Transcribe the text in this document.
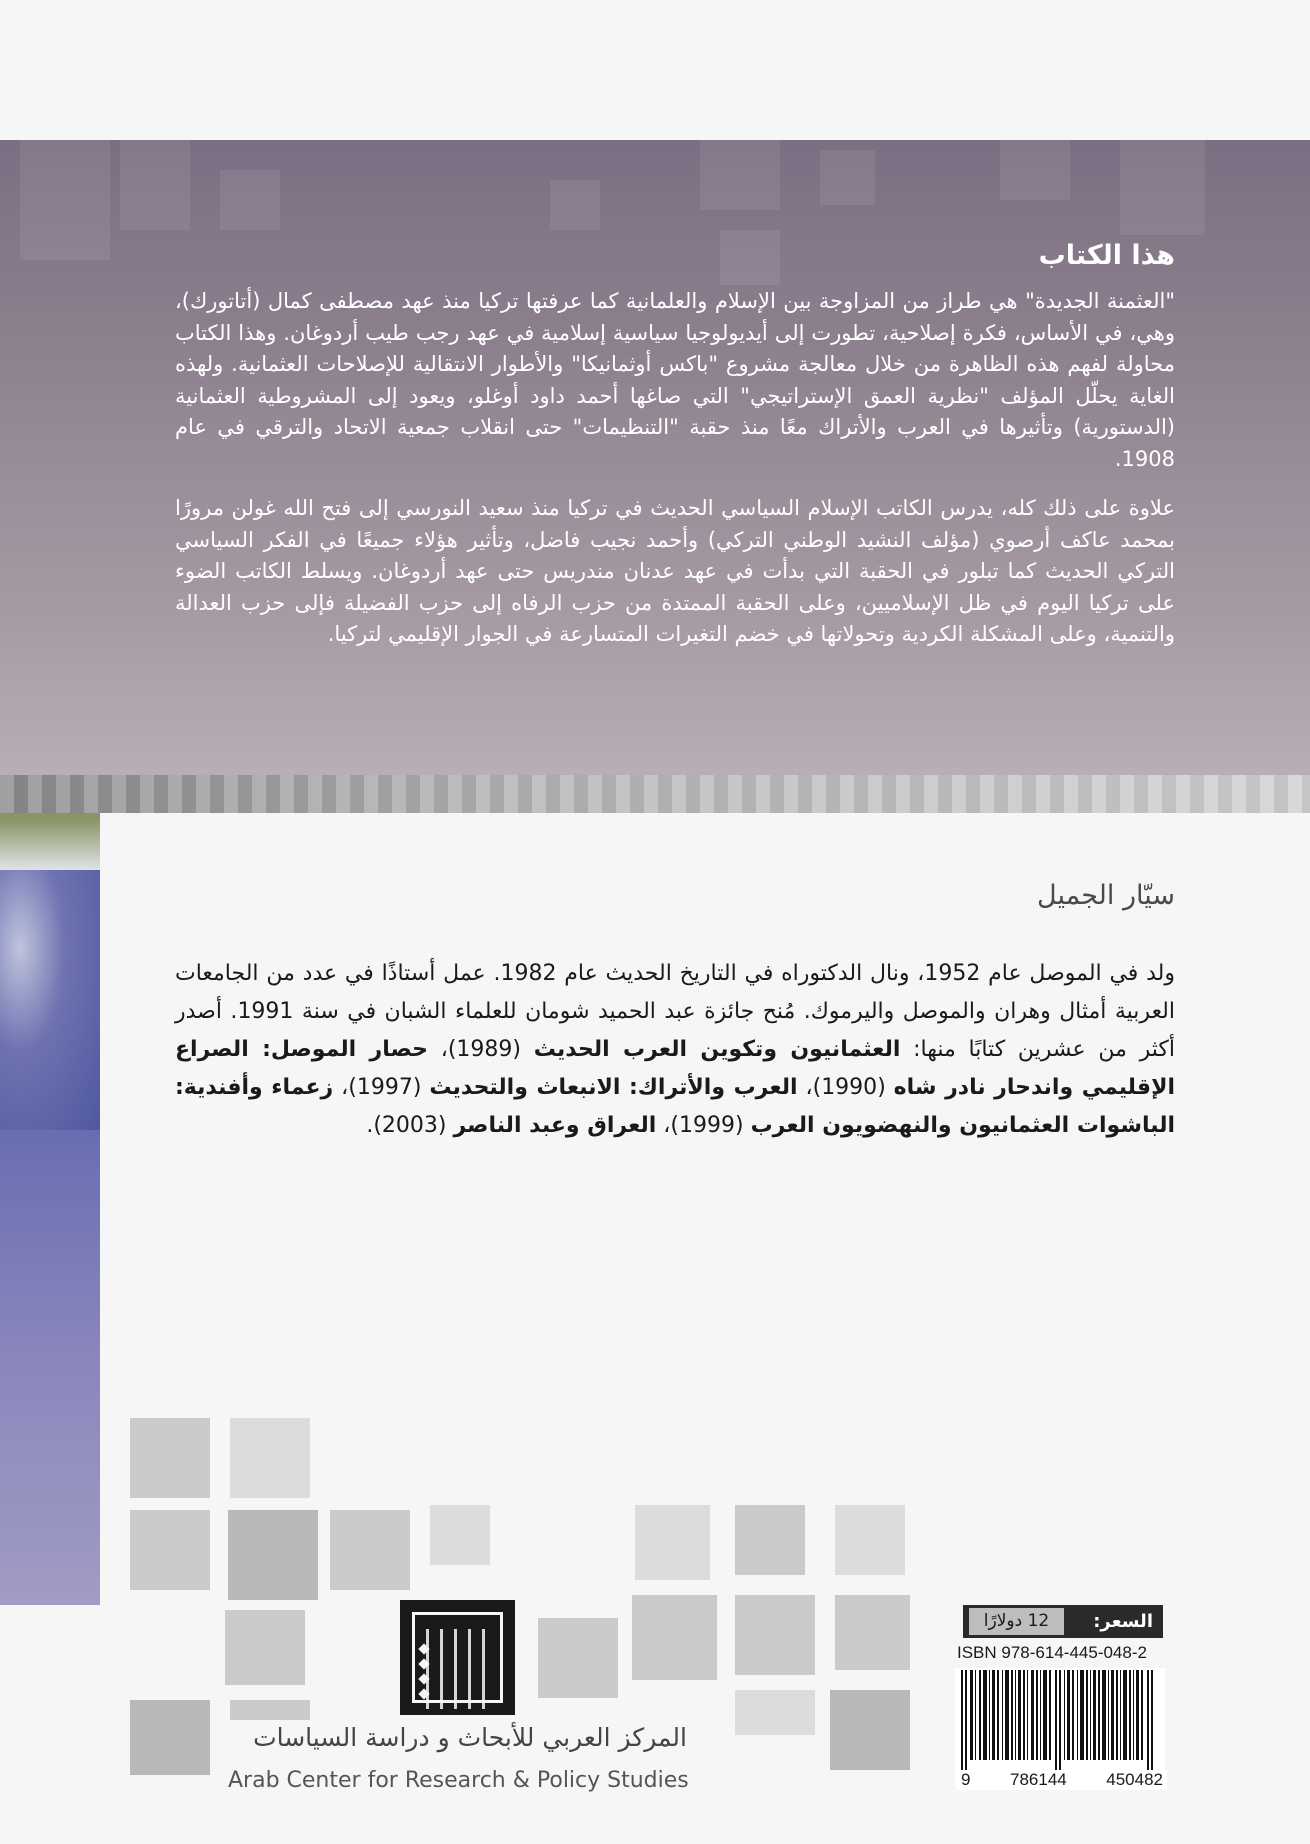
هذا الكتاب

"العثمنة الجديدة" هي طراز من المزاوجة بين الإسلام والعلمانية كما عرفتها تركيا منذ عهد مصطفى كمال (أتاتورك)، وهي، في الأساس، فكرة إصلاحية، تطورت إلى أيديولوجيا سياسية إسلامية في عهد رجب طيب أردوغان. وهذا الكتاب محاولة لفهم هذه الظاهرة من خلال معالجة مشروع "باكس أوثمانيكا" والأطوار الانتقالية للإصلاحات العثمانية. ولهذه الغاية يحلّل المؤلف "نظرية العمق الإستراتيجي" التي صاغها أحمد داود أوغلو، ويعود إلى المشروطية العثمانية (الدستورية) وتأثيرها في العرب والأتراك معًا منذ حقبة "التنظيمات" حتى انقلاب جمعية الاتحاد والترقي في عام 1908.

علاوة على ذلك كله، يدرس الكاتب الإسلام السياسي الحديث في تركيا منذ سعيد النورسي إلى فتح الله غولن مرورًا بمحمد عاكف أرصوي (مؤلف النشيد الوطني التركي) وأحمد نجيب فاضل، وتأثير هؤلاء جميعًا في الفكر السياسي التركي الحديث كما تبلور في الحقبة التي بدأت في عهد عدنان مندريس حتى عهد أردوغان. ويسلط الكاتب الضوء على تركيا اليوم في ظل الإسلاميين، وعلى الحقبة الممتدة من حزب الرفاه إلى حزب الفضيلة فإلى حزب العدالة والتنمية، وعلى المشكلة الكردية وتحولاتها في خضم التغيرات المتسارعة في الجوار الإقليمي لتركيا.

سيّار الجميل
ولد في الموصل عام 1952، ونال الدكتوراه في التاريخ الحديث عام 1982. عمل أستاذًا في عدد من الجامعات العربية أمثال وهران والموصل واليرموك. مُنح جائزة عبد الحميد شومان للعلماء الشبان في سنة 1991. أصدر أكثر من عشرين كتابًا منها: العثمانيون وتكوين العرب الحديث (1989)، حصار الموصل: الصراع الإقليمي واندحار نادر شاه (1990)، العرب والأتراك: الانبعاث والتحديث (1997)، زعماء وأفندية: الباشوات العثمانيون والنهضويون العرب (1999)، العراق وعبد الناصر (2003).
المركز العربي للأبحاث و دراسة السياسات
Arab Center for Research & Policy Studies
السعر:
12 دولارًا
ISBN 978-614-445-048-2
9 786144 450482
